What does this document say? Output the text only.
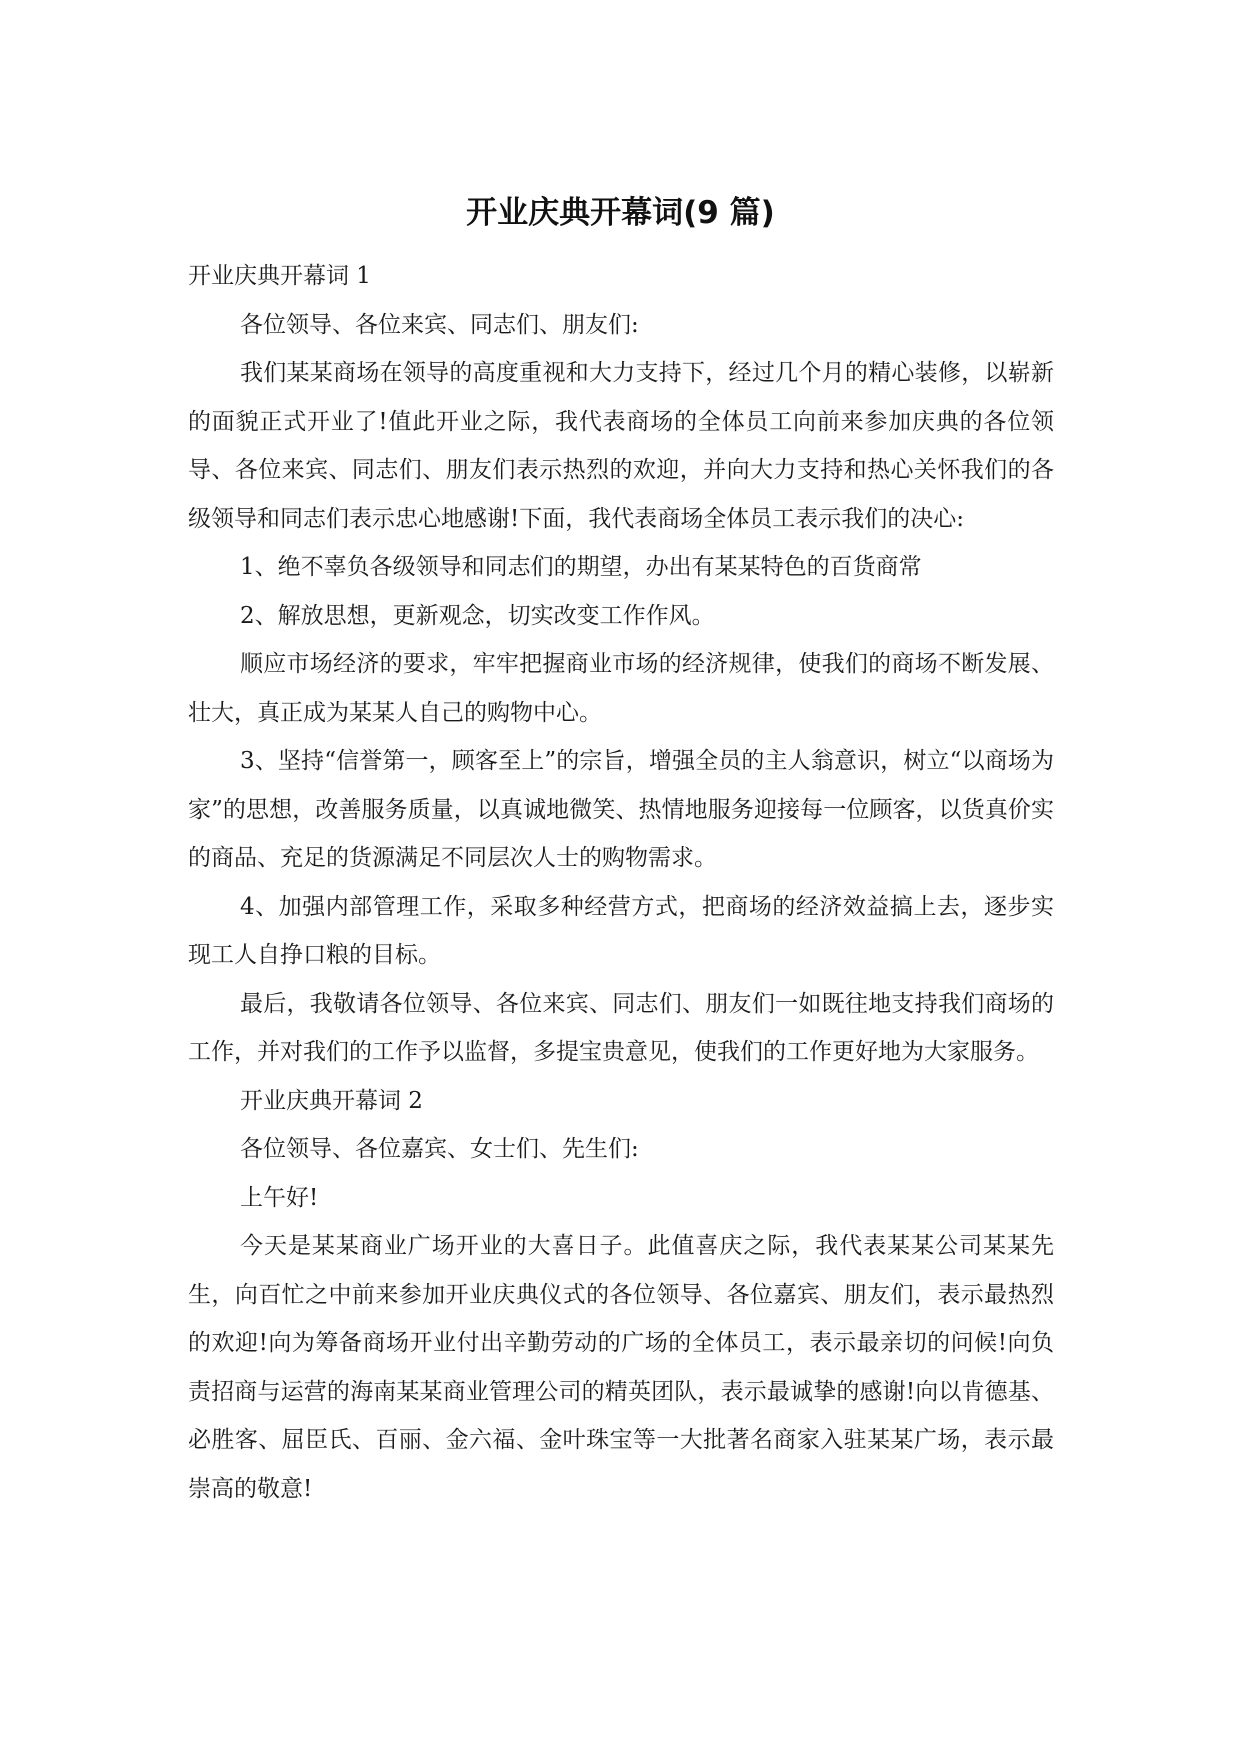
开业庆典开幕词(9 篇)

开业庆典开幕词 1

各位领导、各位来宾、同志们、朋友们:

我们某某商场在领导的高度重视和大力支持下，经过几个月的精心装修，以崭新的面貌正式开业了!值此开业之际，我代表商场的全体员工向前来参加庆典的各位领导、各位来宾、同志们、朋友们表示热烈的欢迎，并向大力支持和热心关怀我们的各级领导和同志们表示忠心地感谢!下面，我代表商场全体员工表示我们的决心:

1、绝不辜负各级领导和同志们的期望，办出有某某特色的百货商常

2、解放思想，更新观念，切实改变工作作风。

顺应市场经济的要求，牢牢把握商业市场的经济规律，使我们的商场不断发展、壮大，真正成为某某人自己的购物中心。

3、坚持“信誉第一，顾客至上”的宗旨，增强全员的主人翁意识，树立“以商场为家”的思想，改善服务质量，以真诚地微笑、热情地服务迎接每一位顾客，以货真价实的商品、充足的货源满足不同层次人士的购物需求。

4、加强内部管理工作，采取多种经营方式，把商场的经济效益搞上去，逐步实现工人自挣口粮的目标。

最后，我敬请各位领导、各位来宾、同志们、朋友们一如既往地支持我们商场的工作，并对我们的工作予以监督，多提宝贵意见，使我们的工作更好地为大家服务。

开业庆典开幕词 2

各位领导、各位嘉宾、女士们、先生们:

上午好!

今天是某某商业广场开业的大喜日子。此值喜庆之际，我代表某某公司某某先生，向百忙之中前来参加开业庆典仪式的各位领导、各位嘉宾、朋友们，表示最热烈的欢迎!向为筹备商场开业付出辛勤劳动的广场的全体员工，表示最亲切的问候!向负责招商与运营的海南某某商业管理公司的精英团队，表示最诚挚的感谢!向以肯德基、必胜客、屈臣氏、百丽、金六福、金叶珠宝等一大批著名商家入驻某某广场，表示最崇高的敬意!
